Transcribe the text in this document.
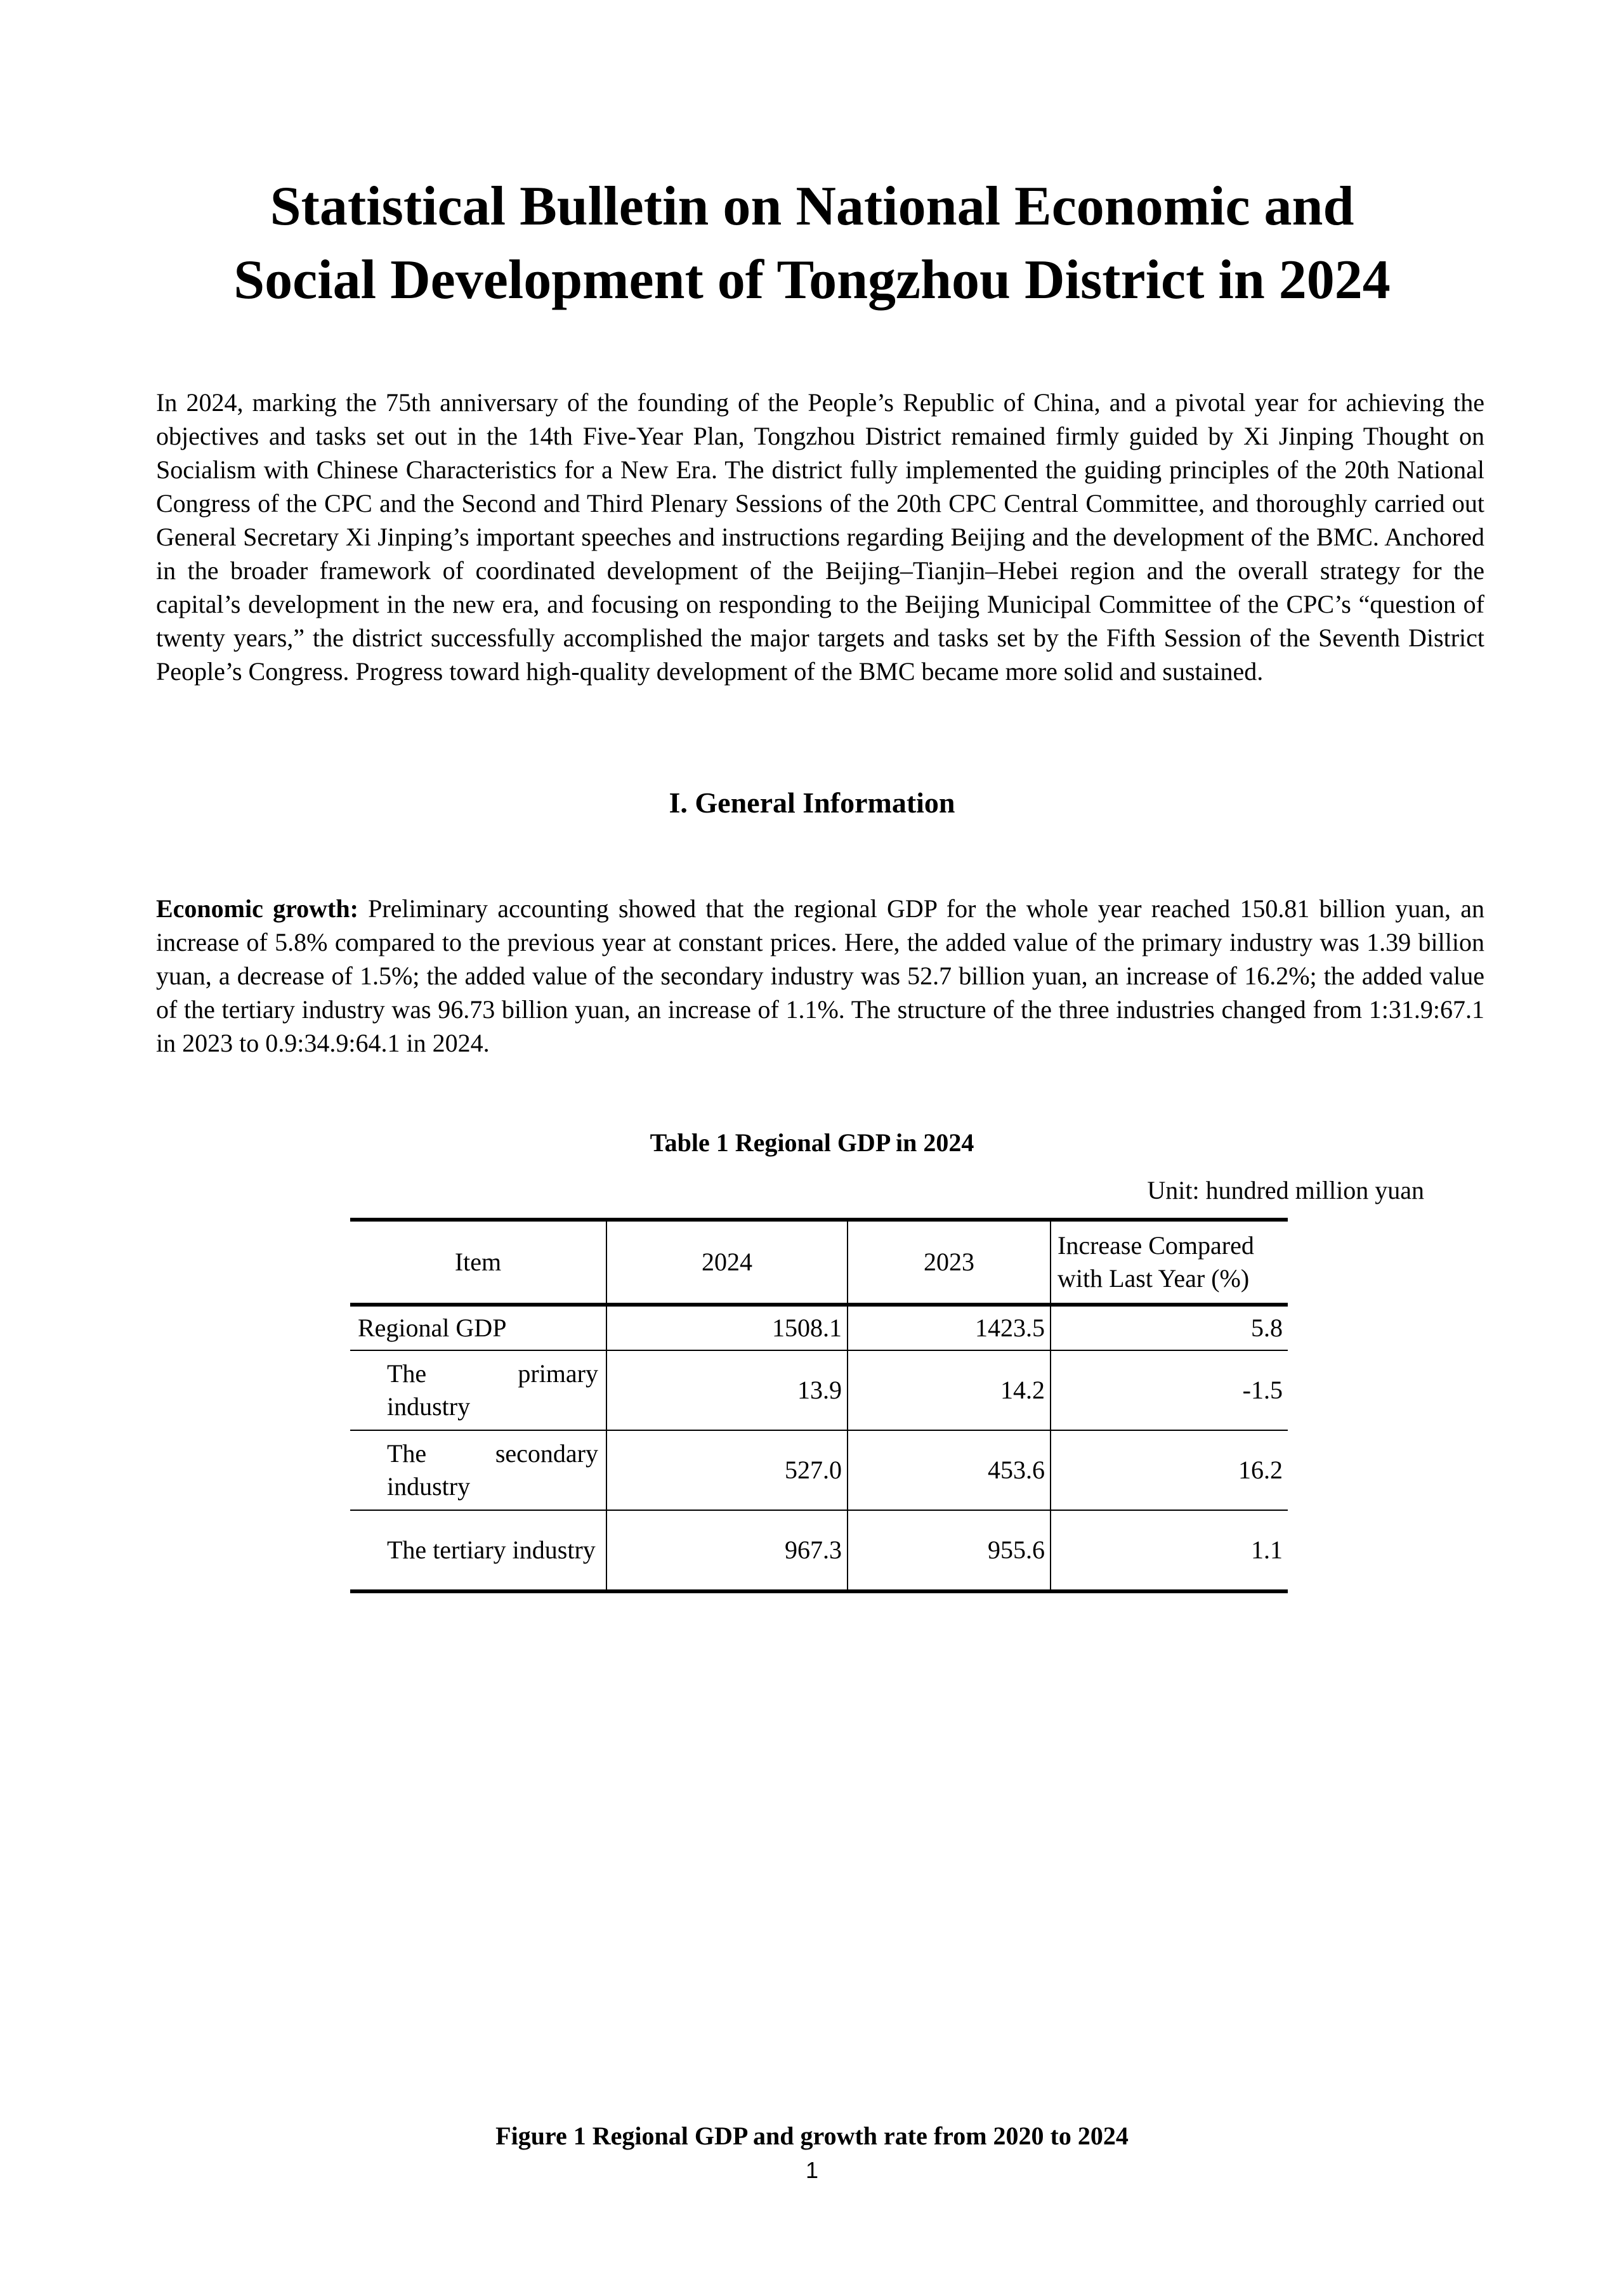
Statistical Bulletin on National Economic and
Social Development of Tongzhou District in 2024

In 2024, marking the 75th anniversary of the founding of the People’s Republic of China, and a pivotal year for achieving the objectives and tasks set out in the 14th Five-Year Plan, Tongzhou District remained firmly guided by Xi Jinping Thought on Socialism with Chinese Characteristics for a New Era. The district fully implemented the guiding principles of the 20th National Congress of the CPC and the Second and Third Plenary Sessions of the 20th CPC Central Committee, and thoroughly carried out General Secretary Xi Jinping’s important speeches and instructions regarding Beijing and the development of the BMC. Anchored in the broader framework of coordinated development of the Beijing–Tianjin–Hebei region and the overall strategy for the capital’s development in the new era, and focusing on responding to the Beijing Municipal Committee of the CPC’s “question of twenty years,” the district successfully accomplished the major targets and tasks set by the Fifth Session of the Seventh District People’s Congress. Progress toward high-quality development of the BMC became more solid and sustained.

I. General Information

Economic growth: Preliminary accounting showed that the regional GDP for the whole year reached 150.81 billion yuan, an increase of 5.8% compared to the previous year at constant prices. Here, the added value of the primary industry was 1.39 billion yuan, a decrease of 1.5%; the added value of the secondary industry was 52.7 billion yuan, an increase of 16.2%; the added value of the tertiary industry was 96.73 billion yuan, an increase of 1.1%. The structure of the three industries changed from 1:31.9:67.1 in 2023 to 0.9:34.9:64.1 in 2024.

Table 1 Regional GDP in 2024

Unit: hundred million yuan

Item	2024	2023	Increase Compared with Last Year (%)
Regional GDP	1508.1	1423.5	5.8
The primary industry	13.9	14.2	-1.5
The secondary industry	527.0	453.6	16.2
The tertiary industry	967.3	955.6	1.1

Figure 1 Regional GDP and growth rate from 2020 to 2024

1
